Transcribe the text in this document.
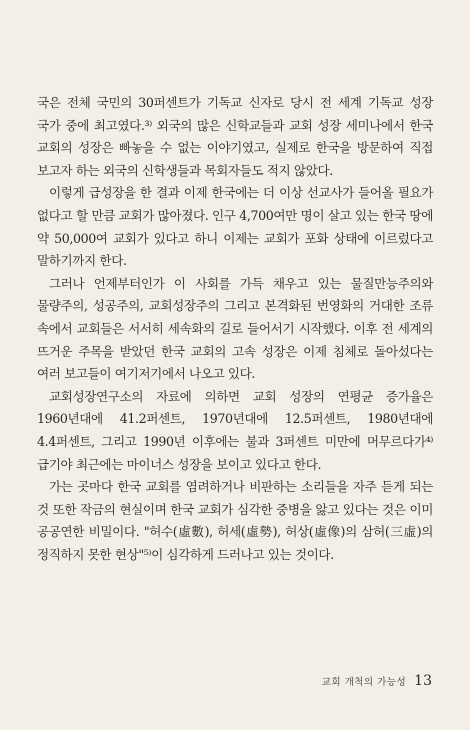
국은 전체 국민의 30퍼센트가 기독교 신자로 당시 전 세계 기독교 성장 국가 중에 최고였다.³⁾ 외국의 많은 신학교들과 교회 성장 세미나에서 한국 교회의 성장은 빠놓을 수 없는 이야기였고, 실제로 한국을 방문하여 직접 보고자 하는 외국의 신학생들과 목회자들도 적지 않았다.

이렇게 급성장을 한 결과 이제 한국에는 더 이상 선교사가 들어올 필요가 없다고 할 만큼 교회가 많아졌다. 인구 4,700여만 명이 살고 있는 한국 땅에 약 50,000여 교회가 있다고 하니 이제는 교회가 포화 상태에 이르렀다고 말하기까지 한다.

그러나 언제부터인가 이 사회를 가득 채우고 있는 물질만능주의와 물량주의, 성공주의, 교회성장주의 그리고 본격화된 번영화의 거대한 조류 속에서 교회들은 서서히 세속화의 길로 들어서기 시작했다. 이후 전 세계의 뜨거운 주목을 받았던 한국 교회의 고속 성장은 이제 침체로 돌아섰다는 여러 보고들이 여기저기에서 나오고 있다.

교회성장연구소의 자료에 의하면 교회 성장의 연평균 증가율은 1960년대에 41.2퍼센트, 1970년대에 12.5퍼센트, 1980년대에 4.4퍼센트, 그리고 1990년 이후에는 불과 3퍼센트 미만에 머무르다가⁴⁾ 급기야 최근에는 마이너스 성장을 보이고 있다고 한다.

가는 곳마다 한국 교회를 염려하거나 비판하는 소리들을 자주 듣게 되는 것 또한 작금의 현실이며 한국 교회가 심각한 중병을 앓고 있다는 것은 이미 공공연한 비밀이다. "허수(虛數), 허세(虛勢), 허상(虛像)의 삼허(三虛)의 정직하지 못한 현상"⁵⁾이 심각하게 드러나고 있는 것이다.

교회 개척의 가능성 13
